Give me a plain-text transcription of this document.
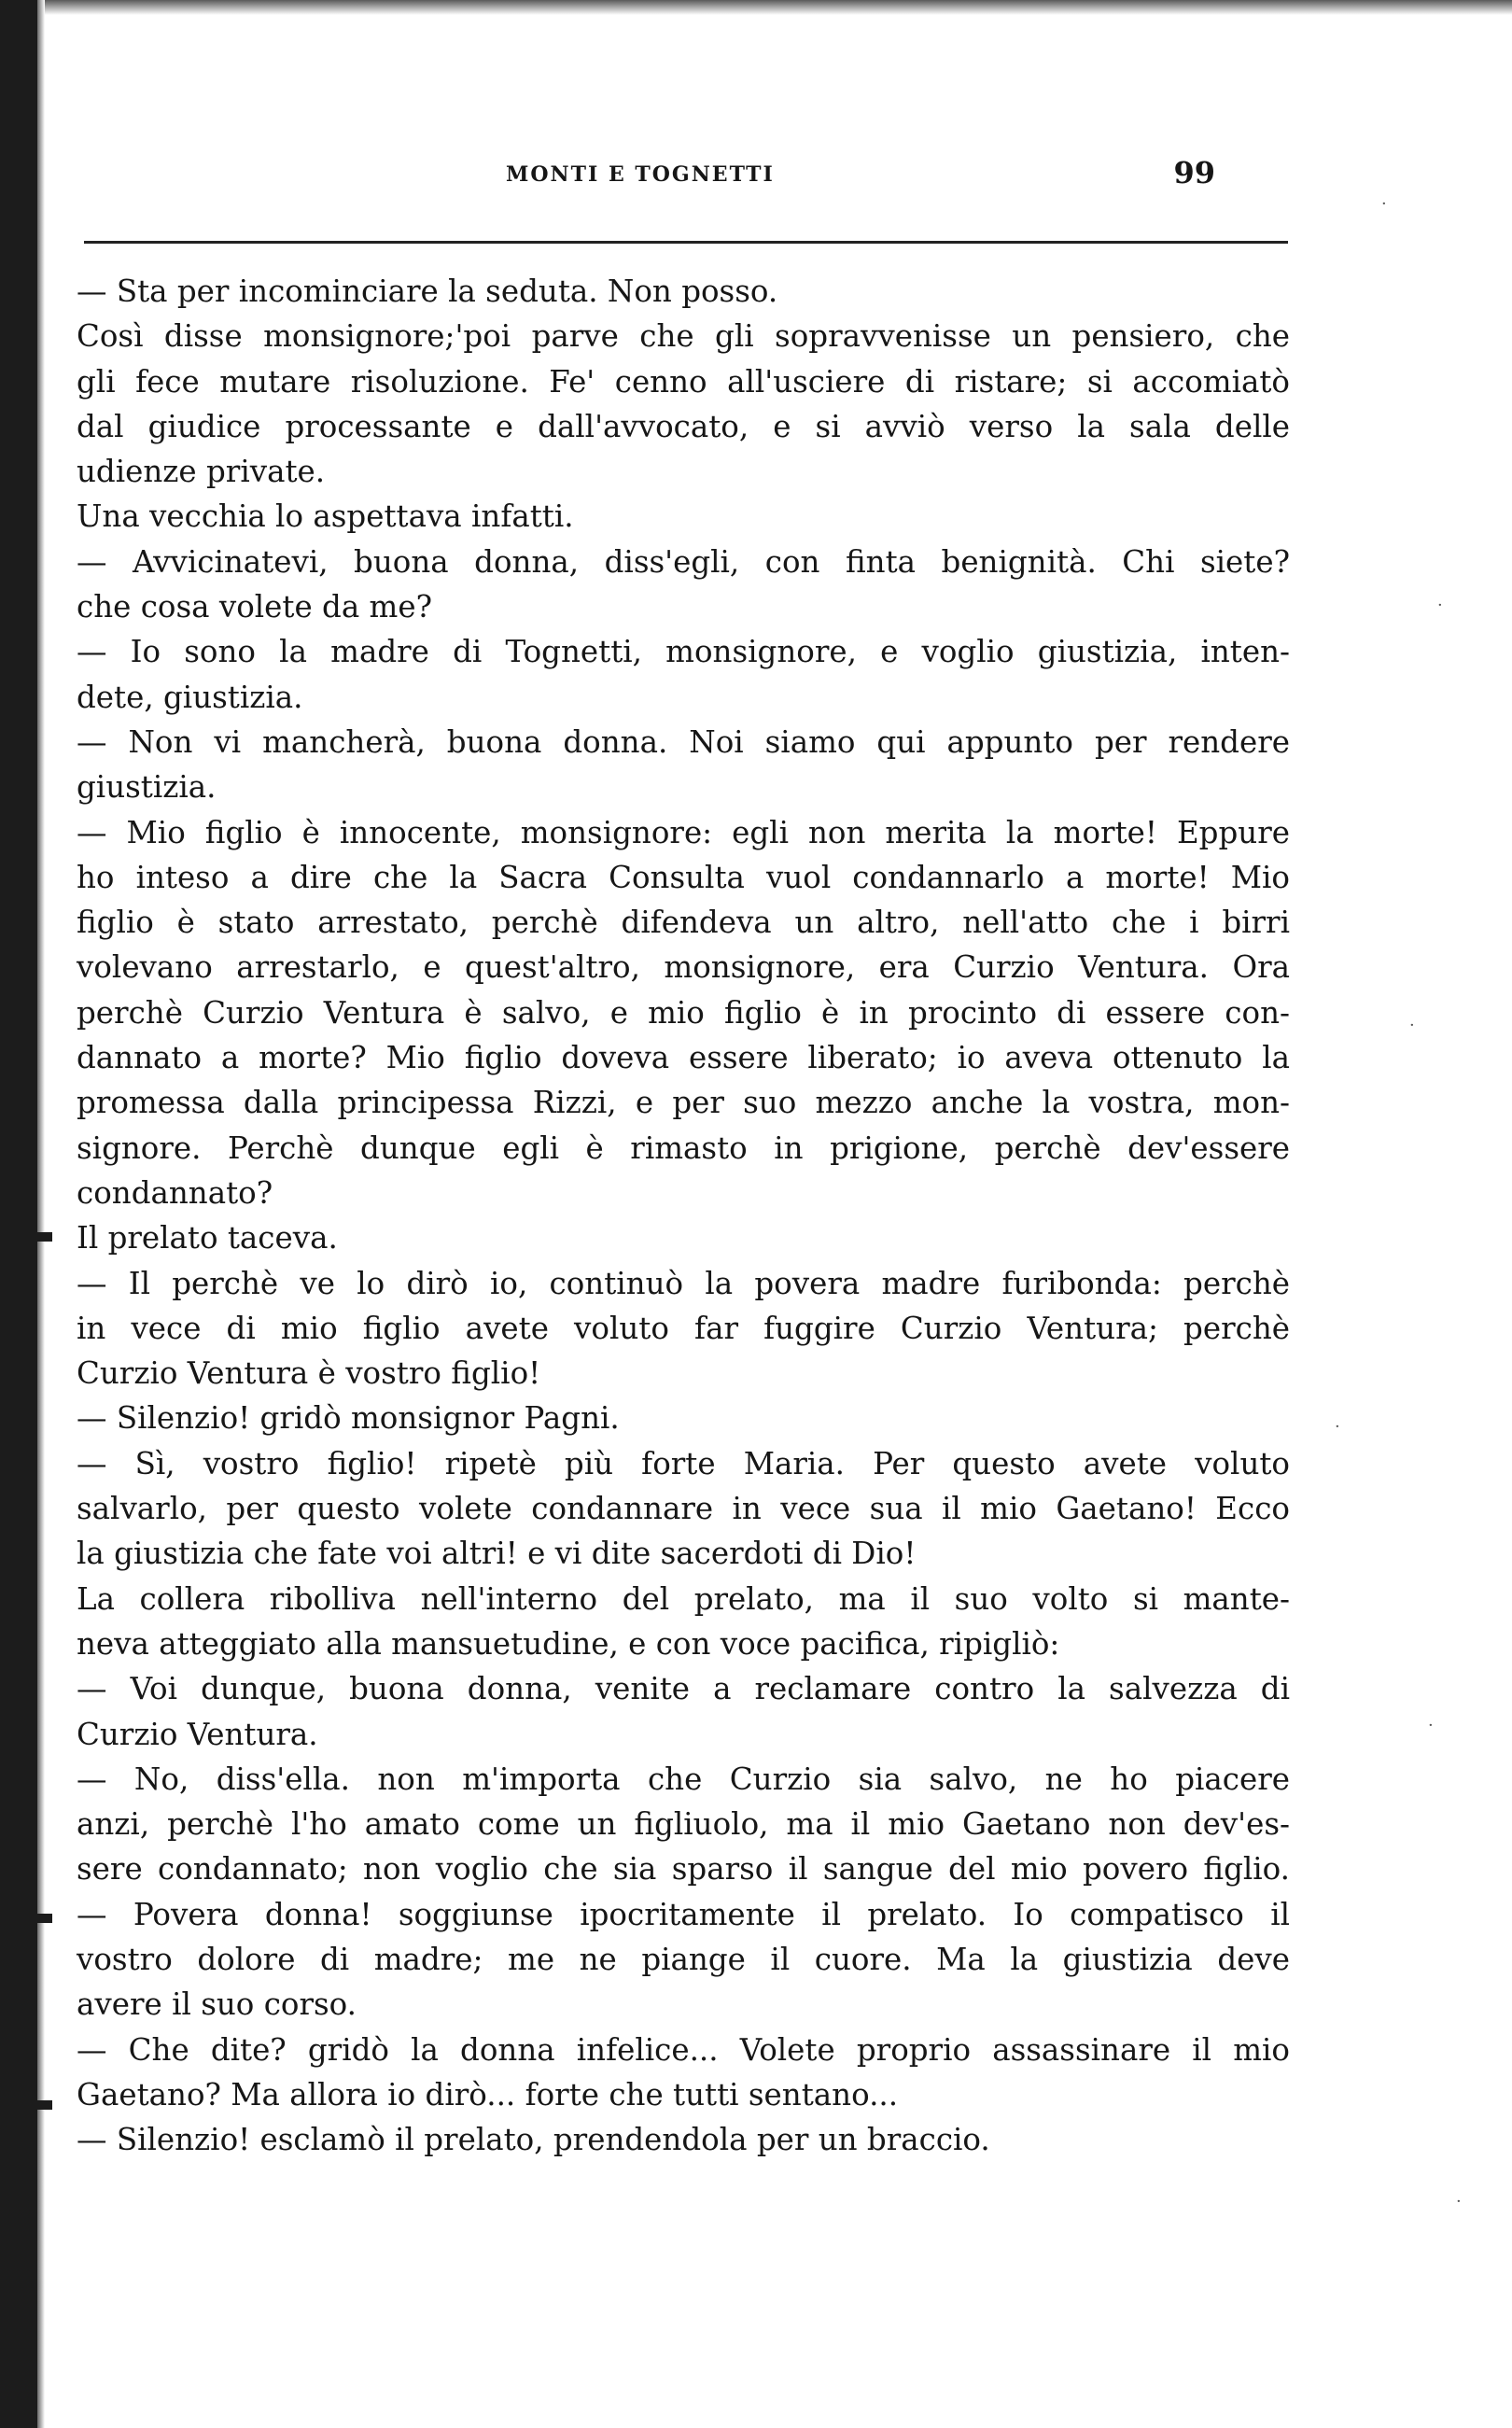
MONTI E TOGNETTI	99
— Sta per incominciare la seduta. Non posso.
Così disse monsignore;'poi parve che gli sopravvenisse un pensiero, che
gli fece mutare risoluzione. Fe' cenno all'usciere di ristare; si accomiatò
dal giudice processante e dall'avvocato, e si avviò verso la sala delle
udienze private.
Una vecchia lo aspettava infatti.
— Avvicinatevi, buona donna, diss'egli, con finta benignità. Chi siete?
che cosa volete da me?
— Io sono la madre di Tognetti, monsignore, e voglio giustizia, inten-
dete, giustizia.
— Non vi mancherà, buona donna. Noi siamo qui appunto per rendere
giustizia.
— Mio figlio è innocente, monsignore: egli non merita la morte! Eppure
ho inteso a dire che la Sacra Consulta vuol condannarlo a morte! Mio
figlio è stato arrestato, perchè difendeva un altro, nell'atto che i birri
volevano arrestarlo, e quest'altro, monsignore, era Curzio Ventura. Ora
perchè Curzio Ventura è salvo, e mio figlio è in procinto di essere con-
dannato a morte? Mio figlio doveva essere liberato; io aveva ottenuto la
promessa dalla principessa Rizzi, e per suo mezzo anche la vostra, mon-
signore. Perchè dunque egli è rimasto in prigione, perchè dev'essere
condannato?
Il prelato taceva.
— Il perchè ve lo dirò io, continuò la povera madre furibonda: perchè
in vece di mio figlio avete voluto far fuggire Curzio Ventura; perchè
Curzio Ventura è vostro figlio!
— Silenzio! gridò monsignor Pagni.
— Sì, vostro figlio! ripetè più forte Maria. Per questo avete voluto
salvarlo, per questo volete condannare in vece sua il mio Gaetano! Ecco
la giustizia che fate voi altri! e vi dite sacerdoti di Dio!
La collera ribolliva nell'interno del prelato, ma il suo volto si mante-
neva atteggiato alla mansuetudine, e con voce pacifica, ripigliò:
— Voi dunque, buona donna, venite a reclamare contro la salvezza di
Curzio Ventura.
— No, diss'ella. non m'importa che Curzio sia salvo, ne ho piacere
anzi, perchè l'ho amato come un figliuolo, ma il mio Gaetano non dev'es-
sere condannato; non voglio che sia sparso il sangue del mio povero figlio.
— Povera donna! soggiunse ipocritamente il prelato. Io compatisco il
vostro dolore di madre; me ne piange il cuore. Ma la giustizia deve
avere il suo corso.
— Che dite? gridò la donna infelice... Volete proprio assassinare il mio
Gaetano? Ma allora io dirò... forte che tutti sentano...
— Silenzio! esclamò il prelato, prendendola per un braccio.
·
·
·
·
·
·
